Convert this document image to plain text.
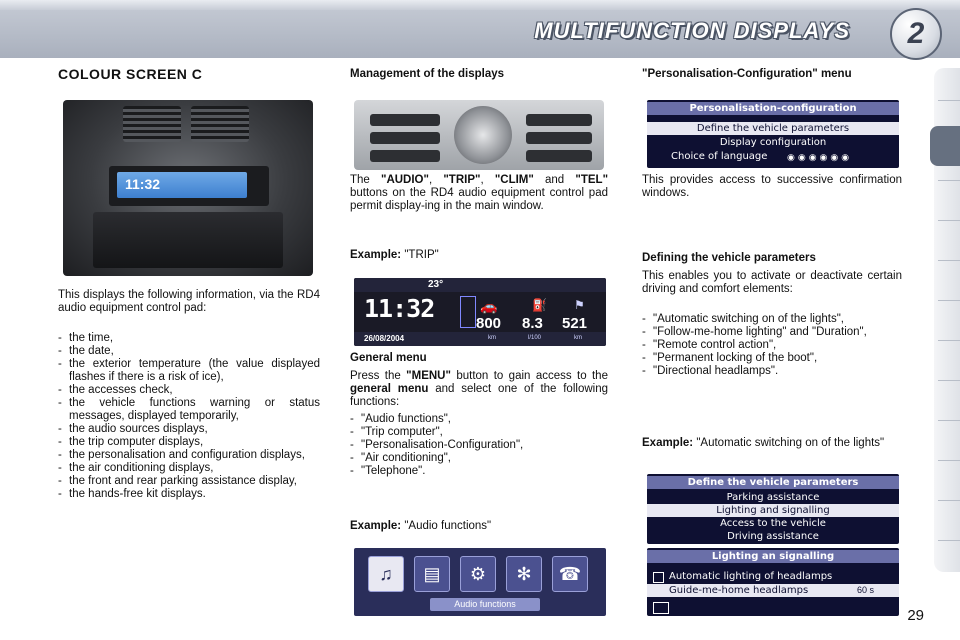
MULTIFUNCTION DISPLAYS	2
COLOUR SCREEN C
11:32
This displays the following information, via the RD4 audio equipment control pad:
- the time,
- the date,
- the exterior temperature (the value displayed flashes if there is a risk of ice),
- the accesses check,
- the vehicle functions warning or status messages, displayed temporarily,
- the audio sources displays,
- the trip computer displays,
- the personalisation and configuration displays,
- the air conditioning displays,
- the front and rear parking assistance display,
- the hands-free kit displays.
Management of the displays
The "AUDIO", "TRIP", "CLIM" and "TEL" buttons on the RD4 audio equipment control pad permit display-ing in the main window.
Example: "TRIP"
23°
11:32
26/08/2004
🚗	⛽ ⚑
800
km
8.3
l/100
521
km
General menu
Press the "MENU" button to gain access to the general menu and select one of the following functions:
- "Audio functions",
- "Trip computer",
- "Personalisation-Configuration",
- "Air conditioning",
- "Telephone".
Example: "Audio functions"
♫	▤	⚙	✻	☎
Audio functions
"Personalisation-Configuration" menu
Personalisation-configuration
Define the vehicle parameters
Display configuration
Choice of language	◉◉◉◉◉◉
This provides access to successive confirmation windows.
Defining the vehicle parameters
This enables you to activate or deactivate certain driving and comfort elements:
- "Automatic switching on of the lights",
- "Follow-me-home lighting" and "Duration",
- "Remote control action",
- "Permanent locking of the boot",
- "Directional headlamps".
Example: "Automatic switching on of the lights"
Define the vehicle parameters
Parking assistance
Lighting and signalling
Access to the vehicle
Driving assistance
Lighting an signalling
Automatic lighting of headlamps
Guide-me-home headlamps	60 s
29
